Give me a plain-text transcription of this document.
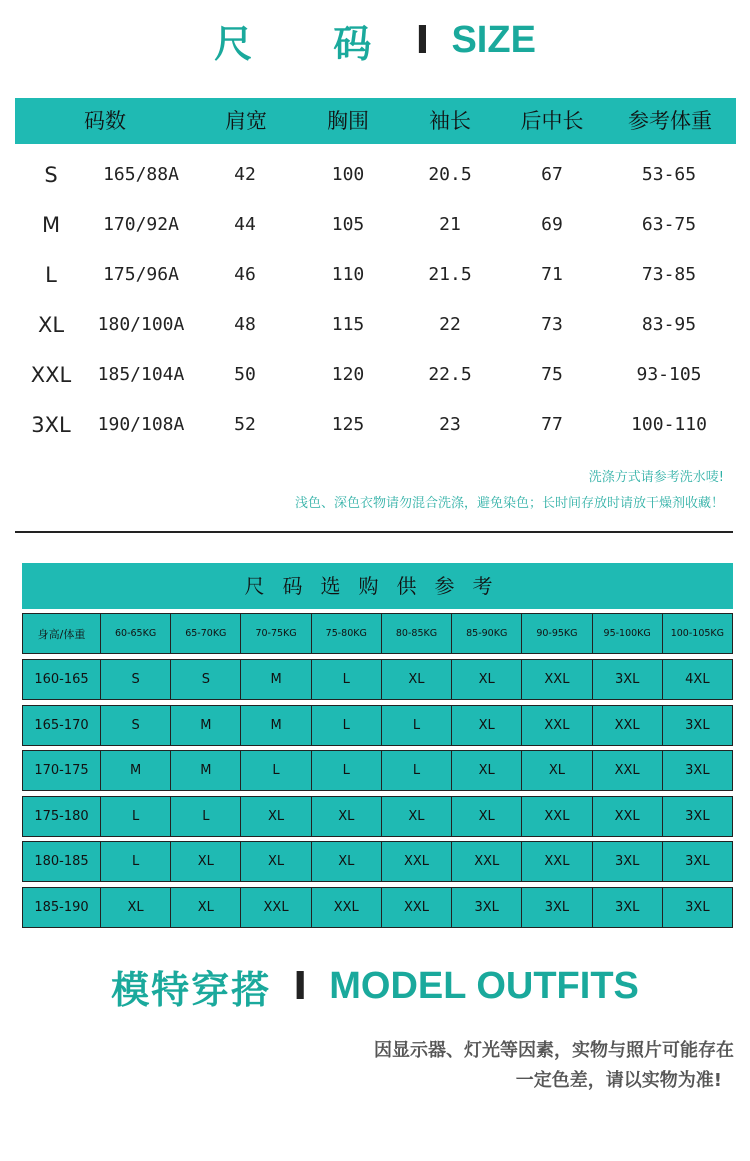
尺 码 I SIZE
码数	肩宽	胸围	袖长 后中长 参考体重
S	165/88A	42	100	20.5	67	53-65
M 170/92A	44	105	21	69	63-75
L	175/96A	46	110	21.5	71	73-85
XL 180/100A	48	115	22	73	83-95
XXL 185/104A	50	120	22.5	75	93-105
3XL 190/108A	52	125	23	77	100-110
洗涤方式请参考洗水唛!
浅色、深色衣物请勿混合洗涤，避免染色；长时间存放时请放干燥剂收藏！
尺码选购供参考
身高/体重	60-65KG	65-70KG	70-75KG	75-80KG	80-85KG	85-90KG	90-95KG	95-100KG	100-105KG
160-165	S	S	M	L	XL	XL	XXL	3XL	4XL
165-170	S	M	M	L	L	XL	XXL	XXL	3XL
170-175	M	M	L	L	L	XL	XL	XXL	3XL
175-180	L	L	XL	XL	XL	XL	XXL	XXL	3XL
180-185	L	XL	XL	XL	XXL	XXL	XXL	3XL	3XL
185-190	XL	XL	XXL	XXL	XXL	3XL	3XL	3XL	3XL
模特穿搭 I MODEL OUTFITS
因显示器、灯光等因素，实物与照片可能存在
一定色差，请以实物为准!
